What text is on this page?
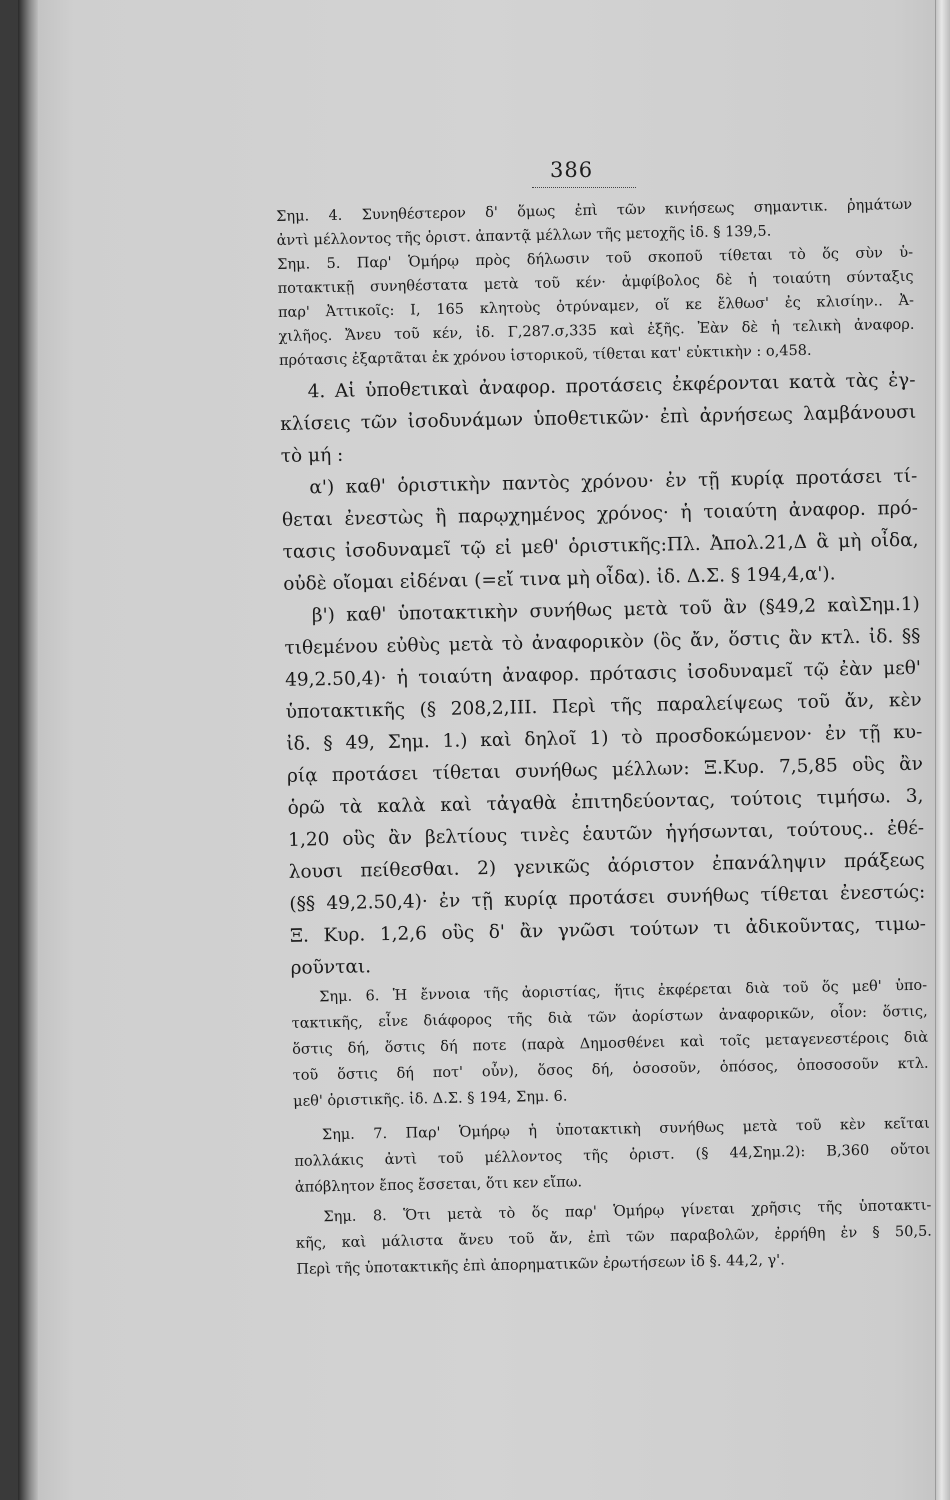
386
Σημ. 4. Συνηθέστερον δ' ὅμως ἐπὶ τῶν κινήσεως σημαντικ. ῥημάτων
ἀντὶ μέλλοντος τῆς ὁριστ. ἀπαντᾷ μέλλων τῆς μετοχῆς ἰδ. § 139,5.
Σημ. 5. Παρ' Ὁμήρῳ πρὸς δήλωσιν τοῦ σκοποῦ τίθεται τὸ ὅς σὺν ὑ-
ποτακτικῇ συνηθέστατα μετὰ τοῦ κέν· ἀμφίβολος δὲ ἡ τοιαύτη σύνταξις
παρ' Ἀττικοῖς: Ι, 165 κλητοὺς ὀτρύναμεν, οἵ κε ἔλθωσ' ἐς κλισίην.. Ἀ-
χιλῆος. Ἄνευ τοῦ κέν, ἰδ. Γ,287.σ,335 καὶ ἑξῆς. Ἐὰν δὲ ἡ τελικὴ ἀναφορ.
πρότασις ἐξαρτᾶται ἐκ χρόνου ἱστορικοῦ, τίθεται κατ' εὐκτικὴν : ο,458.
4. Αἱ ὑποθετικαὶ ἀναφορ. προτάσεις ἐκφέρονται κατὰ τὰς ἐγ-
κλίσεις τῶν ἰσοδυνάμων ὑποθετικῶν· ἐπὶ ἀρνήσεως λαμβάνουσι
τὸ μή :
α') καθ' ὁριστικὴν παντὸς χρόνου· ἐν τῇ κυρίᾳ προτάσει τί-
θεται ἐνεστὼς ἢ παρῳχημένος χρόνος· ἡ τοιαύτη ἀναφορ. πρό-
τασις ἰσοδυναμεῖ τῷ εἰ μεθ' ὁριστικῆς:Πλ. Ἀπολ.21,Δ ἃ μὴ οἶδα,
οὐδὲ οἴομαι εἰδέναι (=εἴ τινα μὴ οἶδα). ἰδ. Δ.Σ. § 194,4,α').
β') καθ' ὑποτακτικὴν συνήθως μετὰ τοῦ ἂν (§49,2 καὶΣημ.1)
τιθεμένου εὐθὺς μετὰ τὸ ἀναφορικὸν (ὃς ἄν, ὅστις ἂν κτλ. ἰδ. §§
49,2.50,4)· ἡ τοιαύτη ἀναφορ. πρότασις ἰσοδυναμεῖ τῷ ἐὰν μεθ'
ὑποτακτικῆς (§ 208,2,ΙΙΙ. Περὶ τῆς παραλείψεως τοῦ ἄν, κὲν
ἰδ. § 49, Σημ. 1.) καὶ δηλοῖ 1) τὸ προσδοκώμενον· ἐν τῇ κυ-
ρίᾳ προτάσει τίθεται συνήθως μέλλων: Ξ.Κυρ. 7,5,85 οὓς ἂν
ὁρῶ τὰ καλὰ καὶ τἀγαθὰ ἐπιτηδεύοντας, τούτοις τιμήσω. 3,
1,20 οὓς ἂν βελτίους τινὲς ἑαυτῶν ἡγήσωνται, τούτους.. ἐθέ-
λουσι πείθεσθαι. 2) γενικῶς ἀόριστον ἐπανάληψιν πράξεως
(§§ 49,2.50,4)· ἐν τῇ κυρίᾳ προτάσει συνήθως τίθεται ἐνεστώς:
Ξ. Κυρ. 1,2,6 οὓς δ' ἂν γνῶσι τούτων τι ἀδικοῦντας, τιμω-
ροῦνται.
Σημ. 6. Ἡ ἔννοια τῆς ἀοριστίας, ἥτις ἐκφέρεται διὰ τοῦ ὅς μεθ' ὑπο-
τακτικῆς, εἶνε διάφορος τῆς διὰ τῶν ἀορίστων ἀναφορικῶν, οἷον: ὅστις,
ὅστις δή, ὅστις δή ποτε (παρὰ Δημοσθένει καὶ τοῖς μεταγενεστέροις διὰ
τοῦ ὅστις δή ποτ' οὖν), ὅσος δή, ὁσοσοῦν, ὁπόσος, ὁποσοσοῦν κτλ.
μεθ' ὁριστικῆς. ἰδ. Δ.Σ. § 194, Σημ. 6.
Σημ. 7. Παρ' Ὁμήρῳ ἡ ὑποτακτικὴ συνήθως μετὰ τοῦ κὲν κεῖται
πολλάκις ἀντὶ τοῦ μέλλοντος τῆς ὁριστ. (§ 44,Σημ.2): Β,360 οὔτοι
ἀπόβλητον ἔπος ἔσσεται, ὅτι κεν εἴπω.
Σημ. 8. Ὅτι μετὰ τὸ ὅς παρ' Ὁμήρῳ γίνεται χρῆσις τῆς ὑποτακτι-
κῆς, καὶ μάλιστα ἄνευ τοῦ ἄν, ἐπὶ τῶν παραβολῶν, ἐρρήθη ἐν § 50,5.
Περὶ τῆς ὑποτακτικῆς ἐπὶ ἀπορηματικῶν ἐρωτήσεων ἰδ §. 44,2, γ'.
